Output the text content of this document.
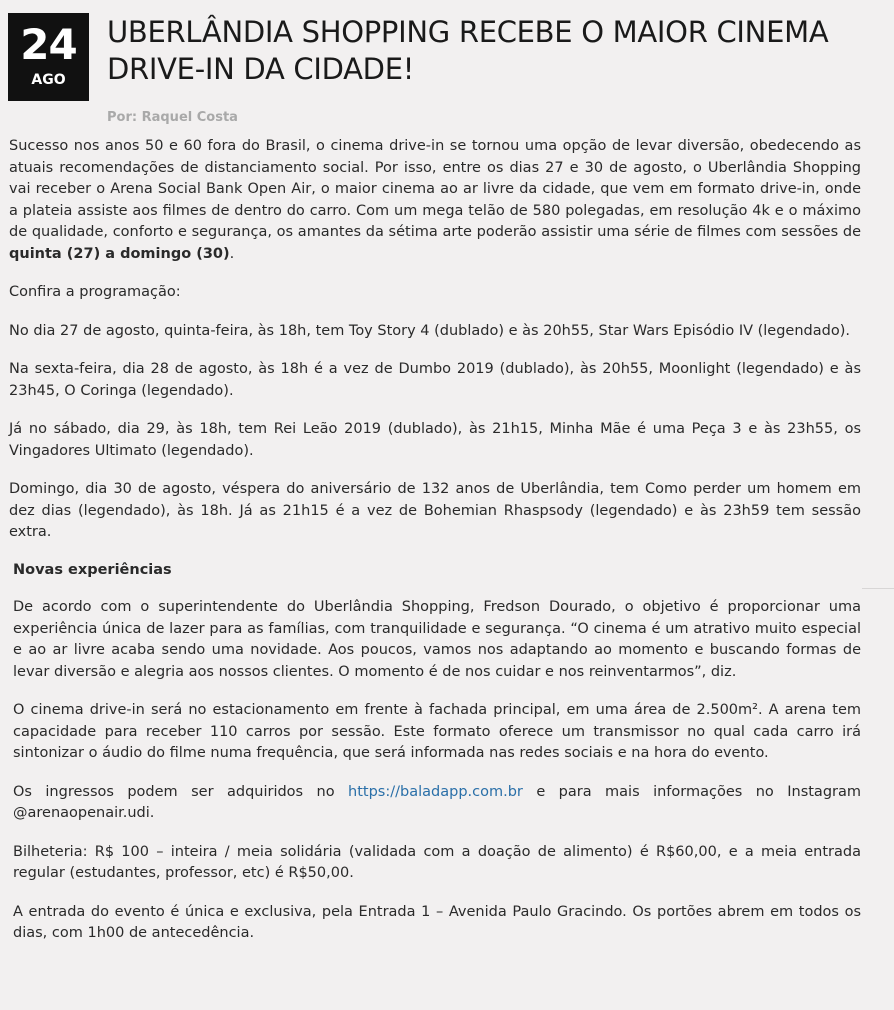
24
AGO
UBERLÂNDIA SHOPPING RECEBE O MAIOR CINEMA DRIVE-IN DA CIDADE!
Por: Raquel Costa

Sucesso nos anos 50 e 60 fora do Brasil, o cinema drive-in se tornou uma opção de levar diversão, obedecendo as atuais recomendações de distanciamento social. Por isso, entre os dias 27 e 30 de agosto, o Uberlândia Shopping vai receber o Arena Social Bank Open Air, o maior cinema ao ar livre da cidade, que vem em formato drive-in, onde a plateia assiste aos filmes de dentro do carro. Com um mega telão de 580 polegadas, em resolução 4k e o máximo de qualidade, conforto e segurança, os amantes da sétima arte poderão assistir uma série de filmes com sessões de quinta (27) a domingo (30).

Confira a programação:

No dia 27 de agosto, quinta-feira, às 18h, tem Toy Story 4 (dublado) e às 20h55, Star Wars Episódio IV (legendado).

Na sexta-feira, dia 28 de agosto, às 18h é a vez de Dumbo 2019 (dublado), às 20h55, Moonlight (legendado) e às 23h45, O Coringa (legendado).

Já no sábado, dia 29, às 18h, tem Rei Leão 2019 (dublado), às 21h15, Minha Mãe é uma Peça 3 e às 23h55, os Vingadores Ultimato (legendado).

Domingo, dia 30 de agosto, véspera do aniversário de 132 anos de Uberlândia, tem Como perder um homem em dez dias (legendado), às 18h. Já as 21h15 é a vez de Bohemian Rhaspsody (legendado) e às 23h59 tem sessão extra.

Novas experiências

De acordo com o superintendente do Uberlândia Shopping, Fredson Dourado, o objetivo é proporcionar uma experiência única de lazer para as famílias, com tranquilidade e segurança. “O cinema é um atrativo muito especial e ao ar livre acaba sendo uma novidade. Aos poucos, vamos nos adaptando ao momento e buscando formas de levar diversão e alegria aos nossos clientes. O momento é de nos cuidar e nos reinventarmos”, diz.

O cinema drive-in será no estacionamento em frente à fachada principal, em uma área de 2.500m². A arena tem capacidade para receber 110 carros por sessão. Este formato oferece um transmissor no qual cada carro irá sintonizar o áudio do filme numa frequência, que será informada nas redes sociais e na hora do evento.

Os ingressos podem ser adquiridos no https://baladapp.com.br e para mais informações no Instagram @arenaopenair.udi.

Bilheteria: R$ 100 – inteira / meia solidária (validada com a doação de alimento) é R$60,00, e a meia entrada regular (estudantes, professor, etc) é R$50,00.

A entrada do evento é única e exclusiva, pela Entrada 1 – Avenida Paulo Gracindo. Os portões abrem em todos os dias, com 1h00 de antecedência.
